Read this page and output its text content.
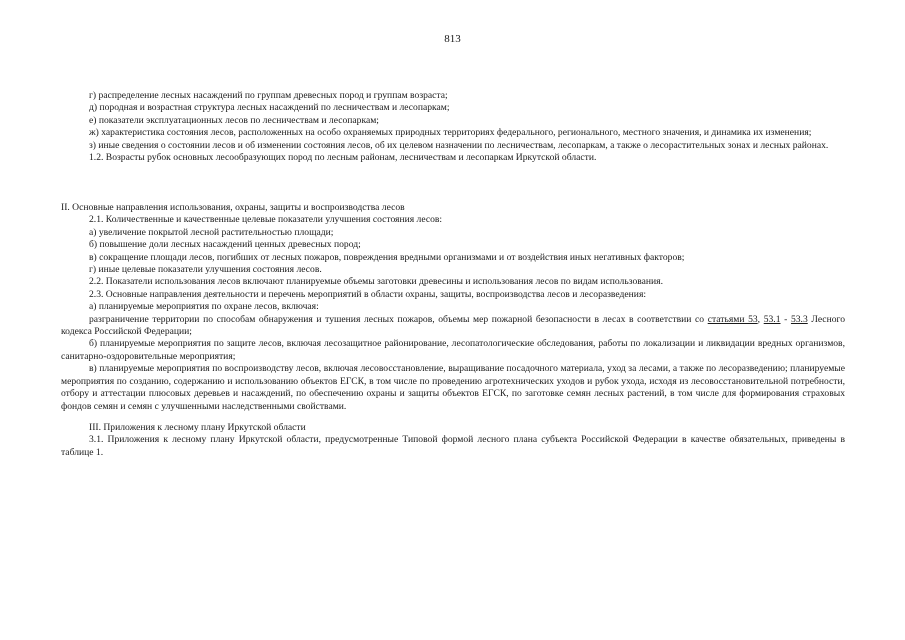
813

г) распределение лесных насаждений по группам древесных пород и группам возраста;

д) породная и возрастная структура лесных насаждений по лесничествам и лесопаркам;

е) показатели эксплуатационных лесов по лесничествам и лесопаркам;

ж) характеристика состояния лесов, расположенных на особо охраняемых природных территориях федерального, регионального, местного значения, и динамика их изменения;

з) иные сведения о состоянии лесов и об изменении состояния лесов, об их целевом назначении по лесничествам, лесопаркам, а также о лесорастительных зонах и лесных районах.

1.2. Возрасты рубок основных лесообразующих пород по лесным районам, лесничествам и лесопаркам Иркутской области.

II. Основные направления использования, охраны, защиты и воспроизводства лесов

2.1. Количественные и качественные целевые показатели улучшения состояния лесов:

а) увеличение покрытой лесной растительностью площади;

б) повышение доли лесных насаждений ценных древесных пород;

в) сокращение площади лесов, погибших от лесных пожаров, повреждения вредными организмами и от воздействия иных негативных факторов;

г) иные целевые показатели улучшения состояния лесов.

2.2. Показатели использования лесов включают планируемые объемы заготовки древесины и использования лесов по видам использования.

2.3. Основные направления деятельности и перечень мероприятий в области охраны, защиты, воспроизводства лесов и лесоразведения:

а) планируемые мероприятия по охране лесов, включая:

разграничение территории по способам обнаружения и тушения лесных пожаров, объемы мер пожарной безопасности в лесах в соответствии со статьями 53, 53.1 - 53.3 Лесного кодекса Российской Федерации;

б) планируемые мероприятия по защите лесов, включая лесозащитное районирование, лесопатологические обследования, работы по локализации и ликвидации вредных организмов, санитарно-оздоровительные мероприятия;

в) планируемые мероприятия по воспроизводству лесов, включая лесовосстановление, выращивание посадочного материала, уход за лесами, а также по лесоразведению; планируемые мероприятия по созданию, содержанию и использованию объектов ЕГСК, в том числе по проведению агротехнических уходов и рубок ухода, исходя из лесовосстановительной потребности, отбору и аттестации плюсовых деревьев и насаждений, по обеспечению охраны и защиты объектов ЕГСК, по заготовке семян лесных растений, в том числе для формирования страховых фондов семян и семян с улучшенными наследственными свойствами.

III. Приложения к лесному плану Иркутской области

3.1. Приложения к лесному плану Иркутской области, предусмотренные Типовой формой лесного плана субъекта Российской Федерации в качестве обязательных, приведены в таблице 1.
